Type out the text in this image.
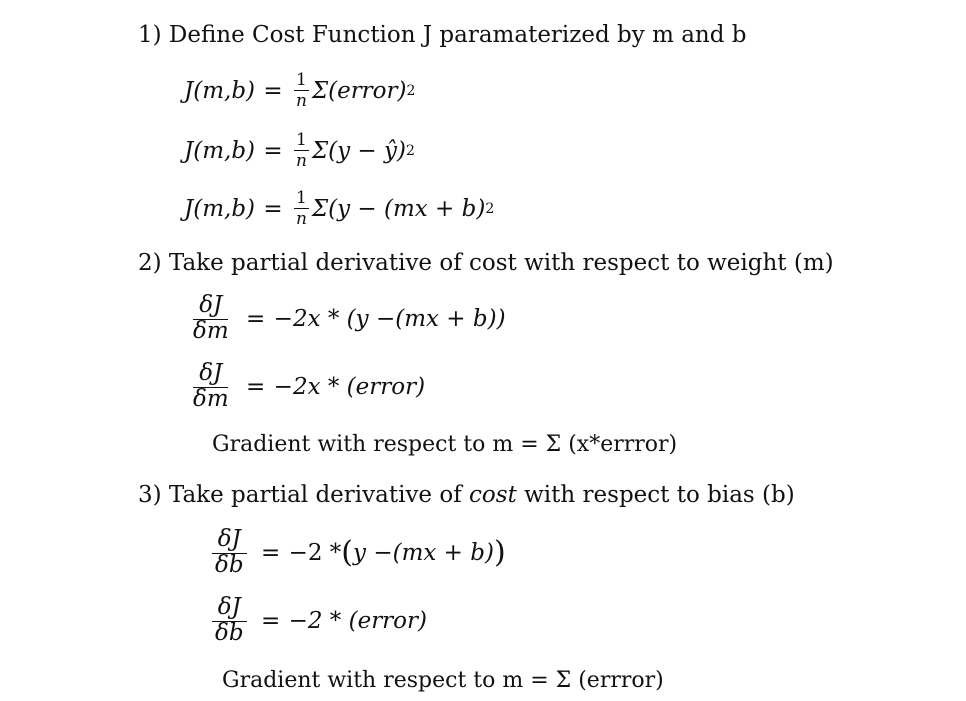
1) Define Cost Function J paramaterized by m and b
$J(m,b) = \frac{1}{n}$ Σ(error) 2
$J(m,b) = \frac{1}{n} \Sigma(y$ − ŷ) 2
$J(m,b) = \frac{1}{n} \Sigma(y - (mx + b)$ 2
2) Take partial derivative of cost with respect to weight (m)
$\frac{\delta J}{\delta m} = -2x * (y -(mx + b))$
$\frac{\delta J}{\delta m} = -2x$ * (error)
Gradient with respect to m = Σ (x*errror)
3) Take partial derivative of cost with respect to bias (b)
$\frac{\delta J}{\delta b} = -2$ * ( y −(mx + b) )
$\frac{\delta J}{\delta b} = -2$ * (error)
Gradient with respect to m = Σ (errror)
